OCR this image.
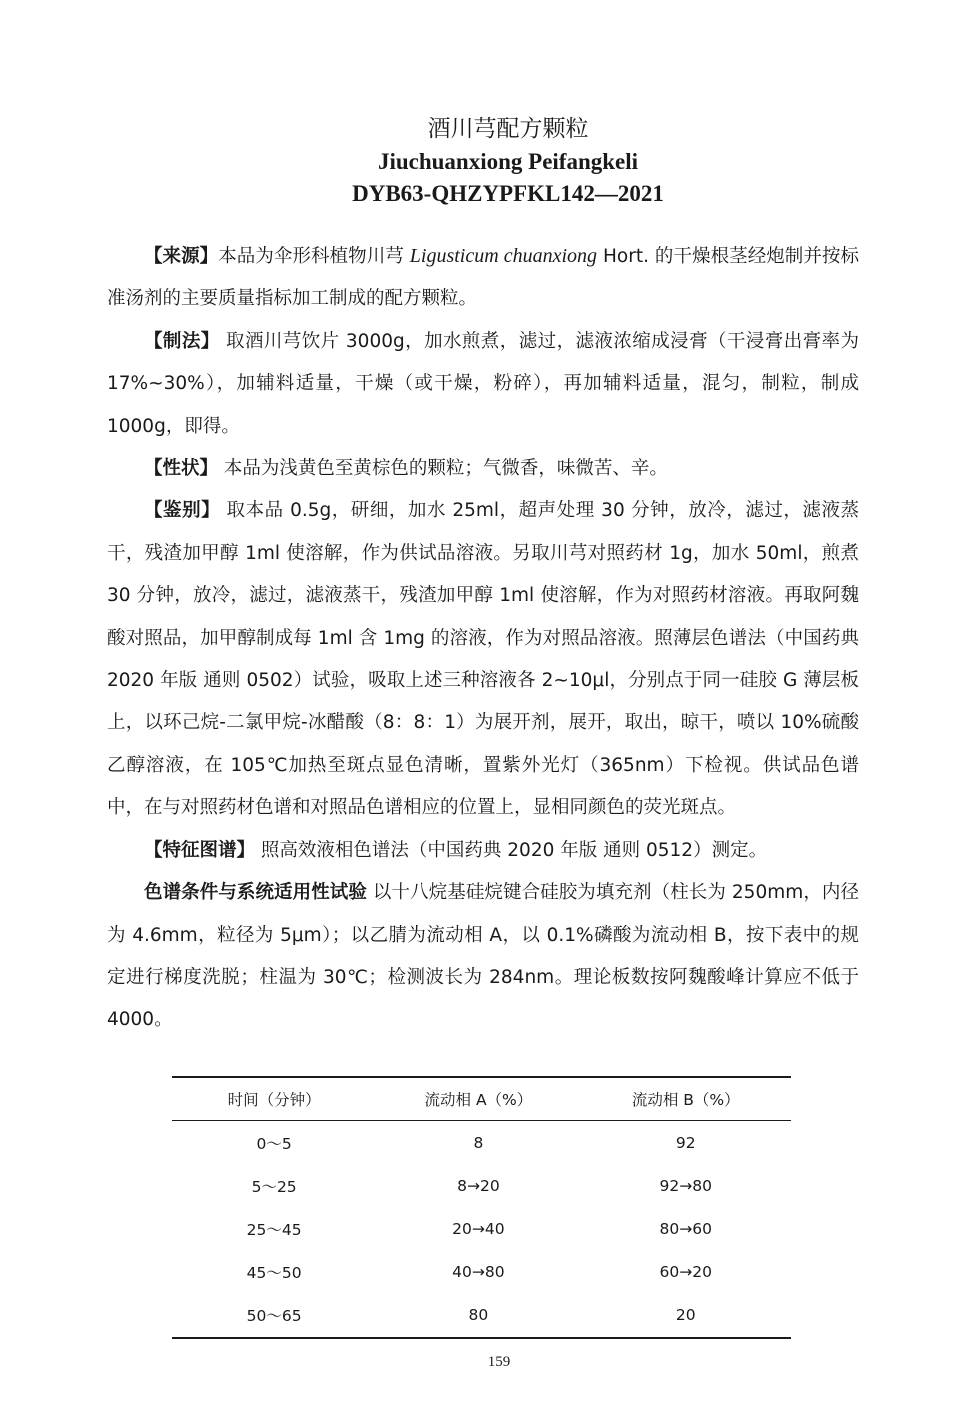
酒川芎配方颗粒
Jiuchuanxiong Peifangkeli
DYB63-QHZYPFKL142—2021

【来源】本品为伞形科植物川芎 Ligusticum chuanxiong Hort. 的干燥根茎经炮制并按标准汤剂的主要质量指标加工制成的配方颗粒。

【制法】 取酒川芎饮片 3000g，加水煎煮，滤过，滤液浓缩成浸膏（干浸膏出膏率为 17%~30%），加辅料适量，干燥（或干燥，粉碎），再加辅料适量，混匀，制粒，制成 1000g，即得。

【性状】 本品为浅黄色至黄棕色的颗粒；气微香，味微苦、辛。

【鉴别】 取本品 0.5g，研细，加水 25ml，超声处理 30 分钟，放冷，滤过，滤液蒸干，残渣加甲醇 1ml 使溶解，作为供试品溶液。另取川芎对照药材 1g，加水 50ml，煎煮 30 分钟，放冷，滤过，滤液蒸干，残渣加甲醇 1ml 使溶解，作为对照药材溶液。再取阿魏酸对照品，加甲醇制成每 1ml 含 1mg 的溶液，作为对照品溶液。照薄层色谱法（中国药典 2020 年版 通则 0502）试验，吸取上述三种溶液各 2~10μl，分别点于同一硅胶 G 薄层板上，以环己烷-二氯甲烷-冰醋酸（8：8：1）为展开剂，展开，取出，晾干，喷以 10%硫酸乙醇溶液，在 105℃加热至斑点显色清晰，置紫外光灯（365nm）下检视。供试品色谱中，在与对照药材色谱和对照品色谱相应的位置上，显相同颜色的荧光斑点。

【特征图谱】 照高效液相色谱法（中国药典 2020 年版 通则 0512）测定。

色谱条件与系统适用性试验 以十八烷基硅烷键合硅胶为填充剂（柱长为 250mm，内径为 4.6mm，粒径为 5μm）；以乙腈为流动相 A，以 0.1%磷酸为流动相 B，按下表中的规定进行梯度洗脱；柱温为 30℃；检测波长为 284nm。理论板数按阿魏酸峰计算应不低于 4000。

时间（分钟）	流动相 A（%）	流动相 B（%）
0～5	8	92
5～25	8→20	92→80
25～45	20→40	80→60
45～50	40→80	60→20
50～65	80	20
159
